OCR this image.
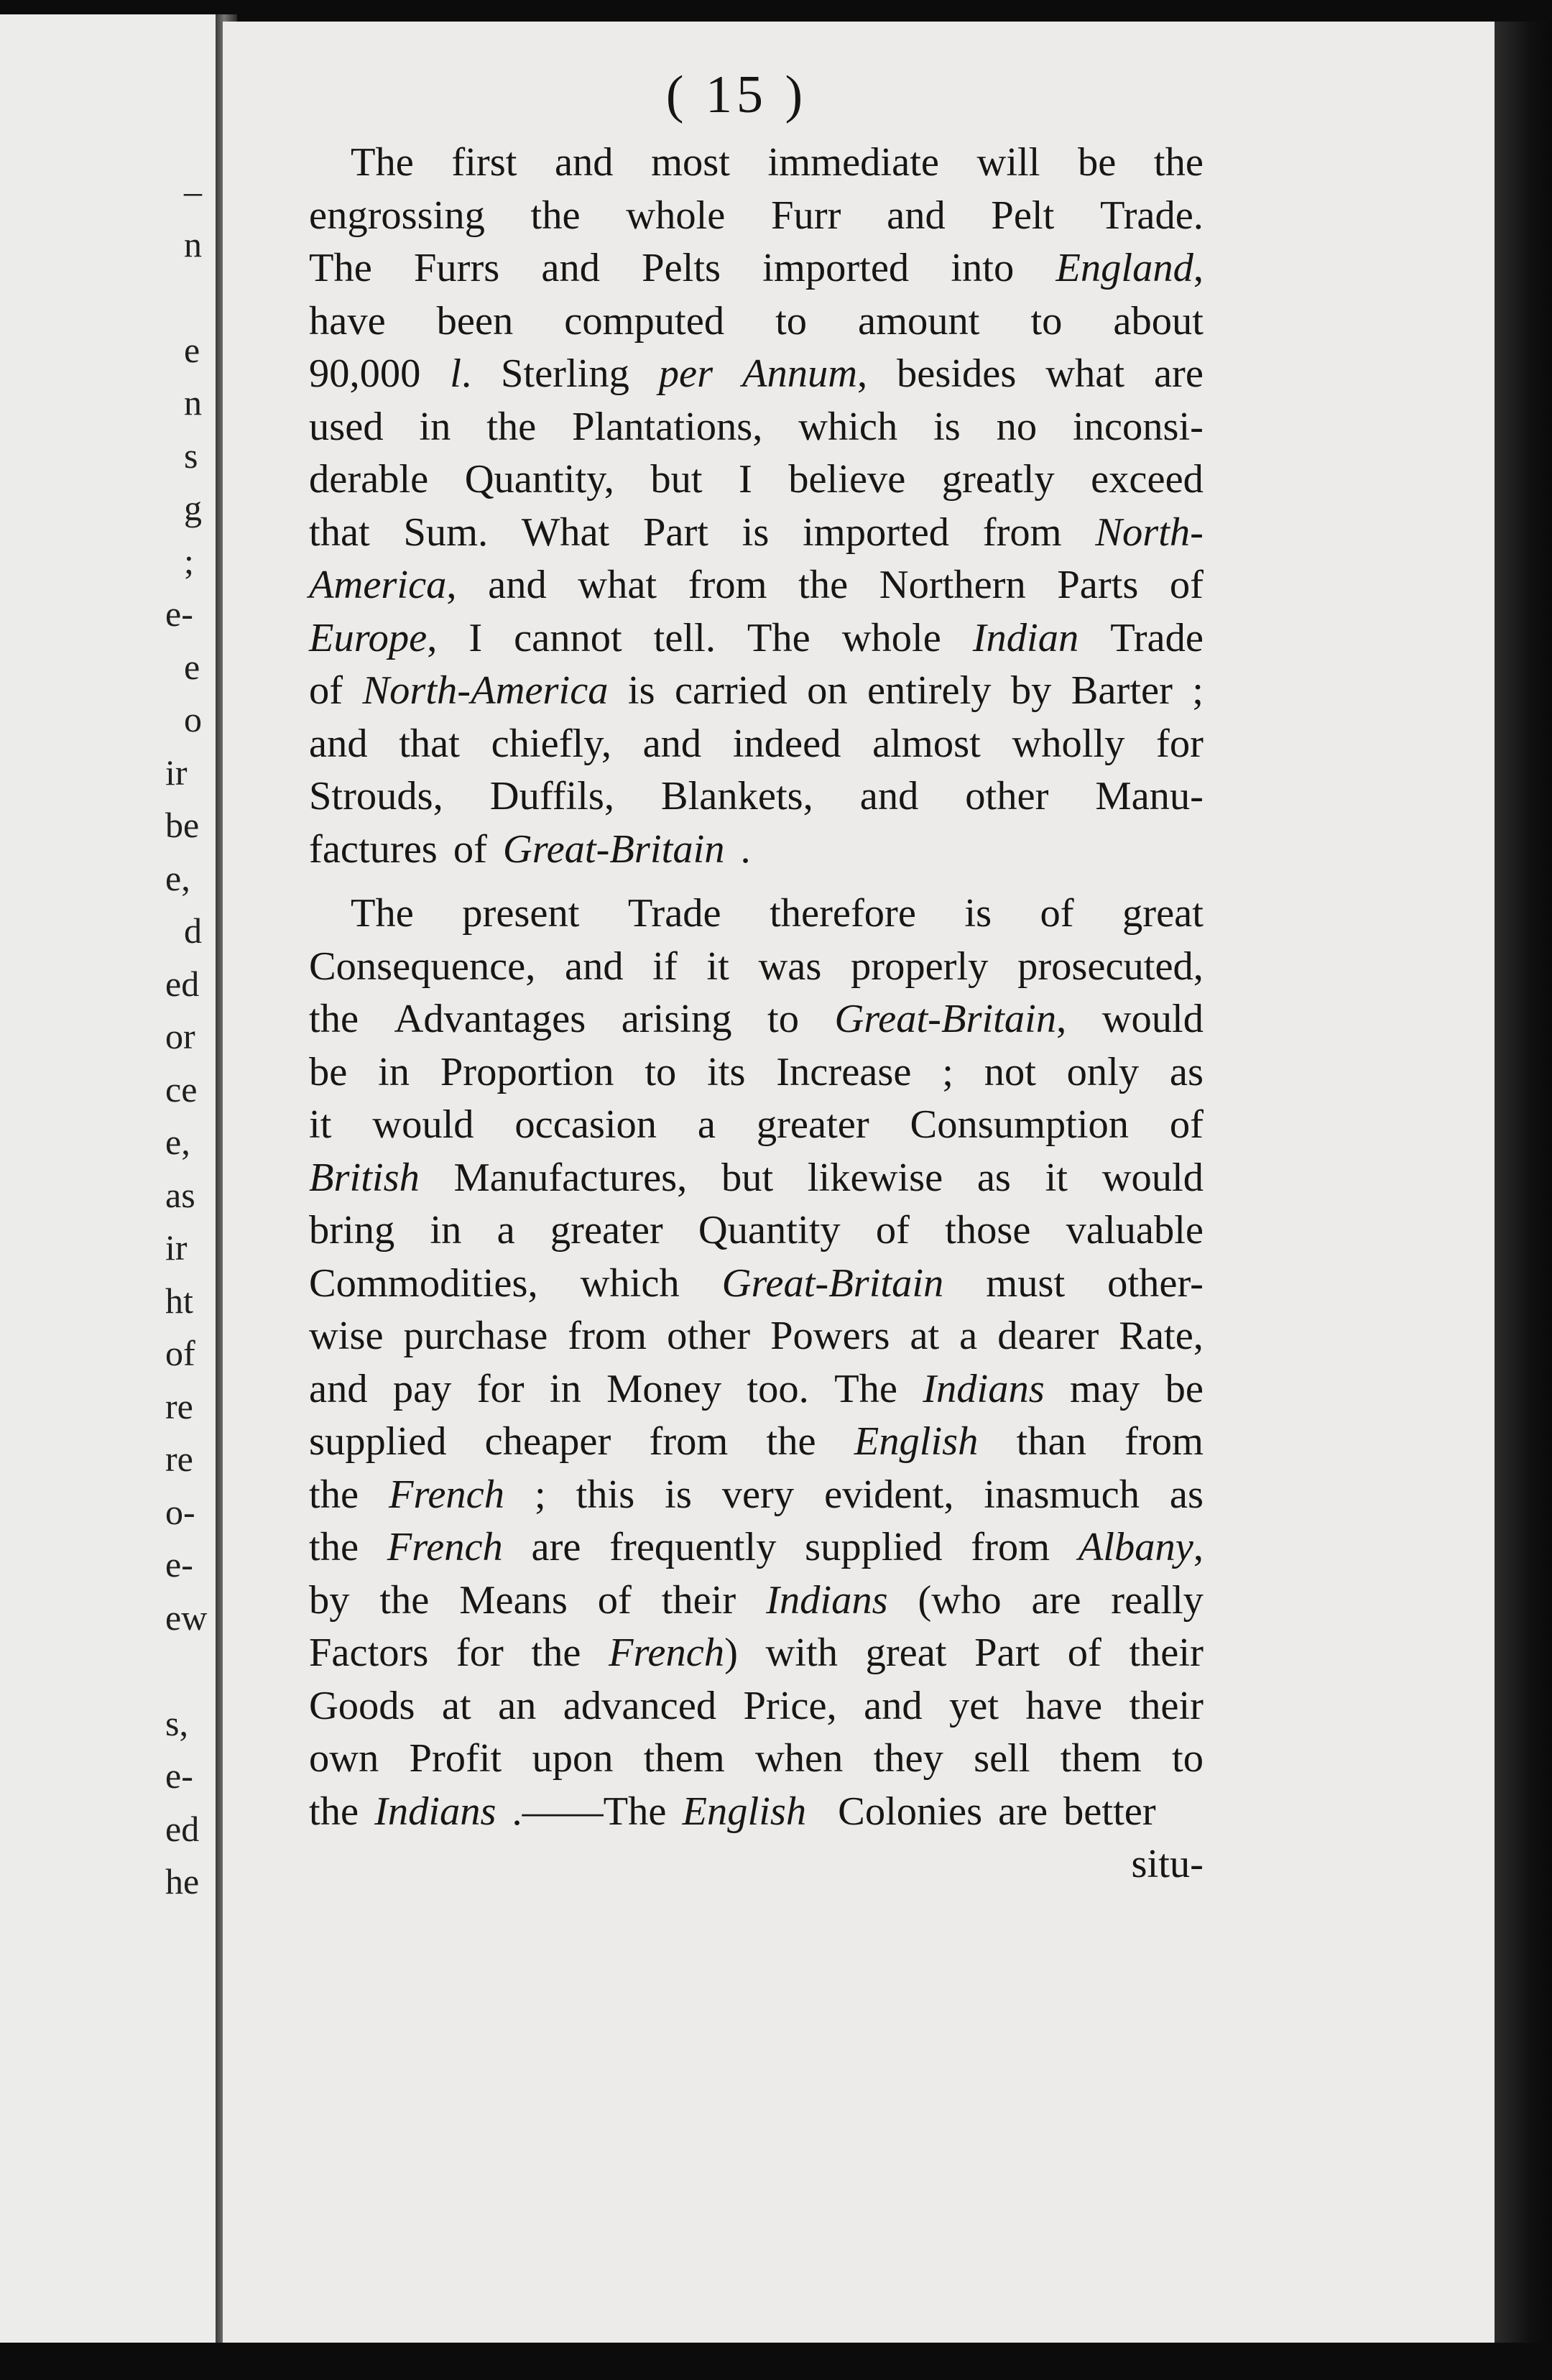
–
n
e
n
s
g
;
e-
e
o
ir
be
e,
d
ed
or
ce
e,
as
ir
ht
of
re
re
o-
e-
ew
s,
e-
ed
he
( 15 )
The first and most immediate will be the
engrossing the whole Furr and Pelt Trade.
The Furrs and Pelts imported into England,
have been computed to amount to about
90,000 l. Sterling per Annum, besides what are
used in the Plantations, which is no inconsi-
derable Quantity, but I believe greatly exceed
that Sum. What Part is imported from North-
America, and what from the Northern Parts of
Europe, I cannot tell. The whole Indian Trade
of North-America is carried on entirely by Barter ;
and that chiefly, and indeed almost wholly for
Strouds, Duffils, Blankets, and other Manu-
factures of Great-Britain .
The present Trade therefore is of great
Consequence, and if it was properly prosecuted,
the Advantages arising to Great-Britain, would
be in Proportion to its Increase ; not only as
it would occasion a greater Consumption of
British Manufactures, but likewise as it would
bring in a greater Quantity of those valuable
Commodities, which Great-Britain must other-
wise purchase from other Powers at a dearer Rate,
and pay for in Money too. The Indians may be
supplied cheaper from the English than from
the French ; this is very evident, inasmuch as
the French are frequently supplied from Albany,
by the Means of their Indians (who are really
Factors for the French) with great Part of their
Goods at an advanced Price, and yet have their
own Profit upon them when they sell them to
the Indians .——The English Colonies are better
situ-
